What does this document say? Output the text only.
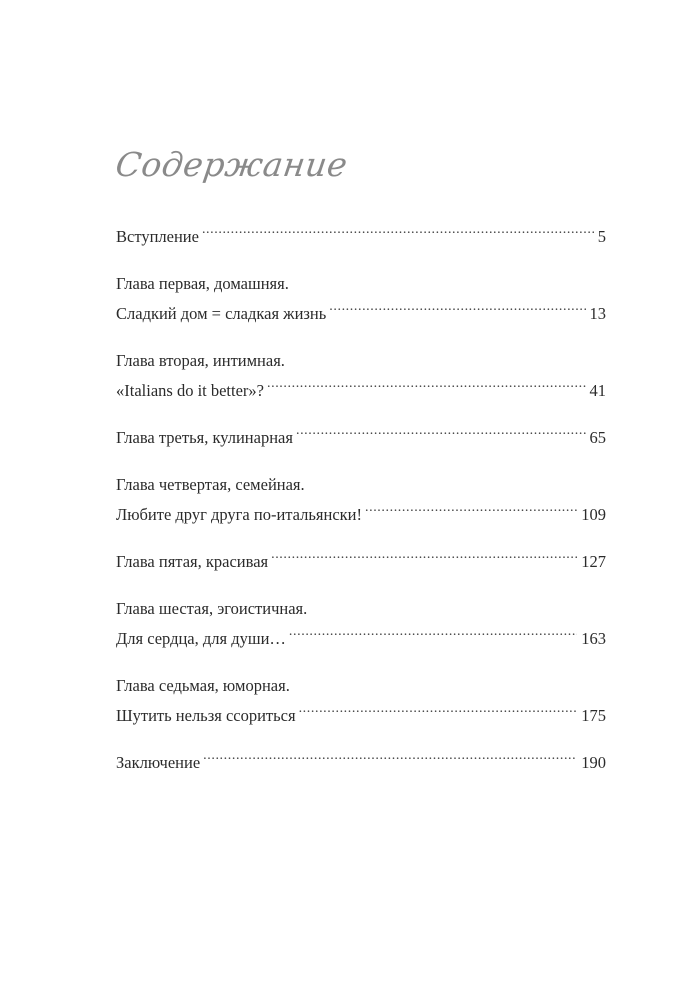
Содержание
Вступление .....	5
Глава первая, домашняя.
Сладкий дом = сладкая жизнь .....	13
Глава вторая, интимная.
«Italians do it better»? .....	41
Глава третья, кулинарная .....	65
Глава четвертая, семейная.
Любите друг друга по-итальянски! .....	109
Глава пятая, красивая .....	127
Глава шестая, эгоистичная.
Для сердца, для души… .....	163
Глава седьмая, юморная.
Шутить нельзя ссориться .....	175
Заключение .....	190
